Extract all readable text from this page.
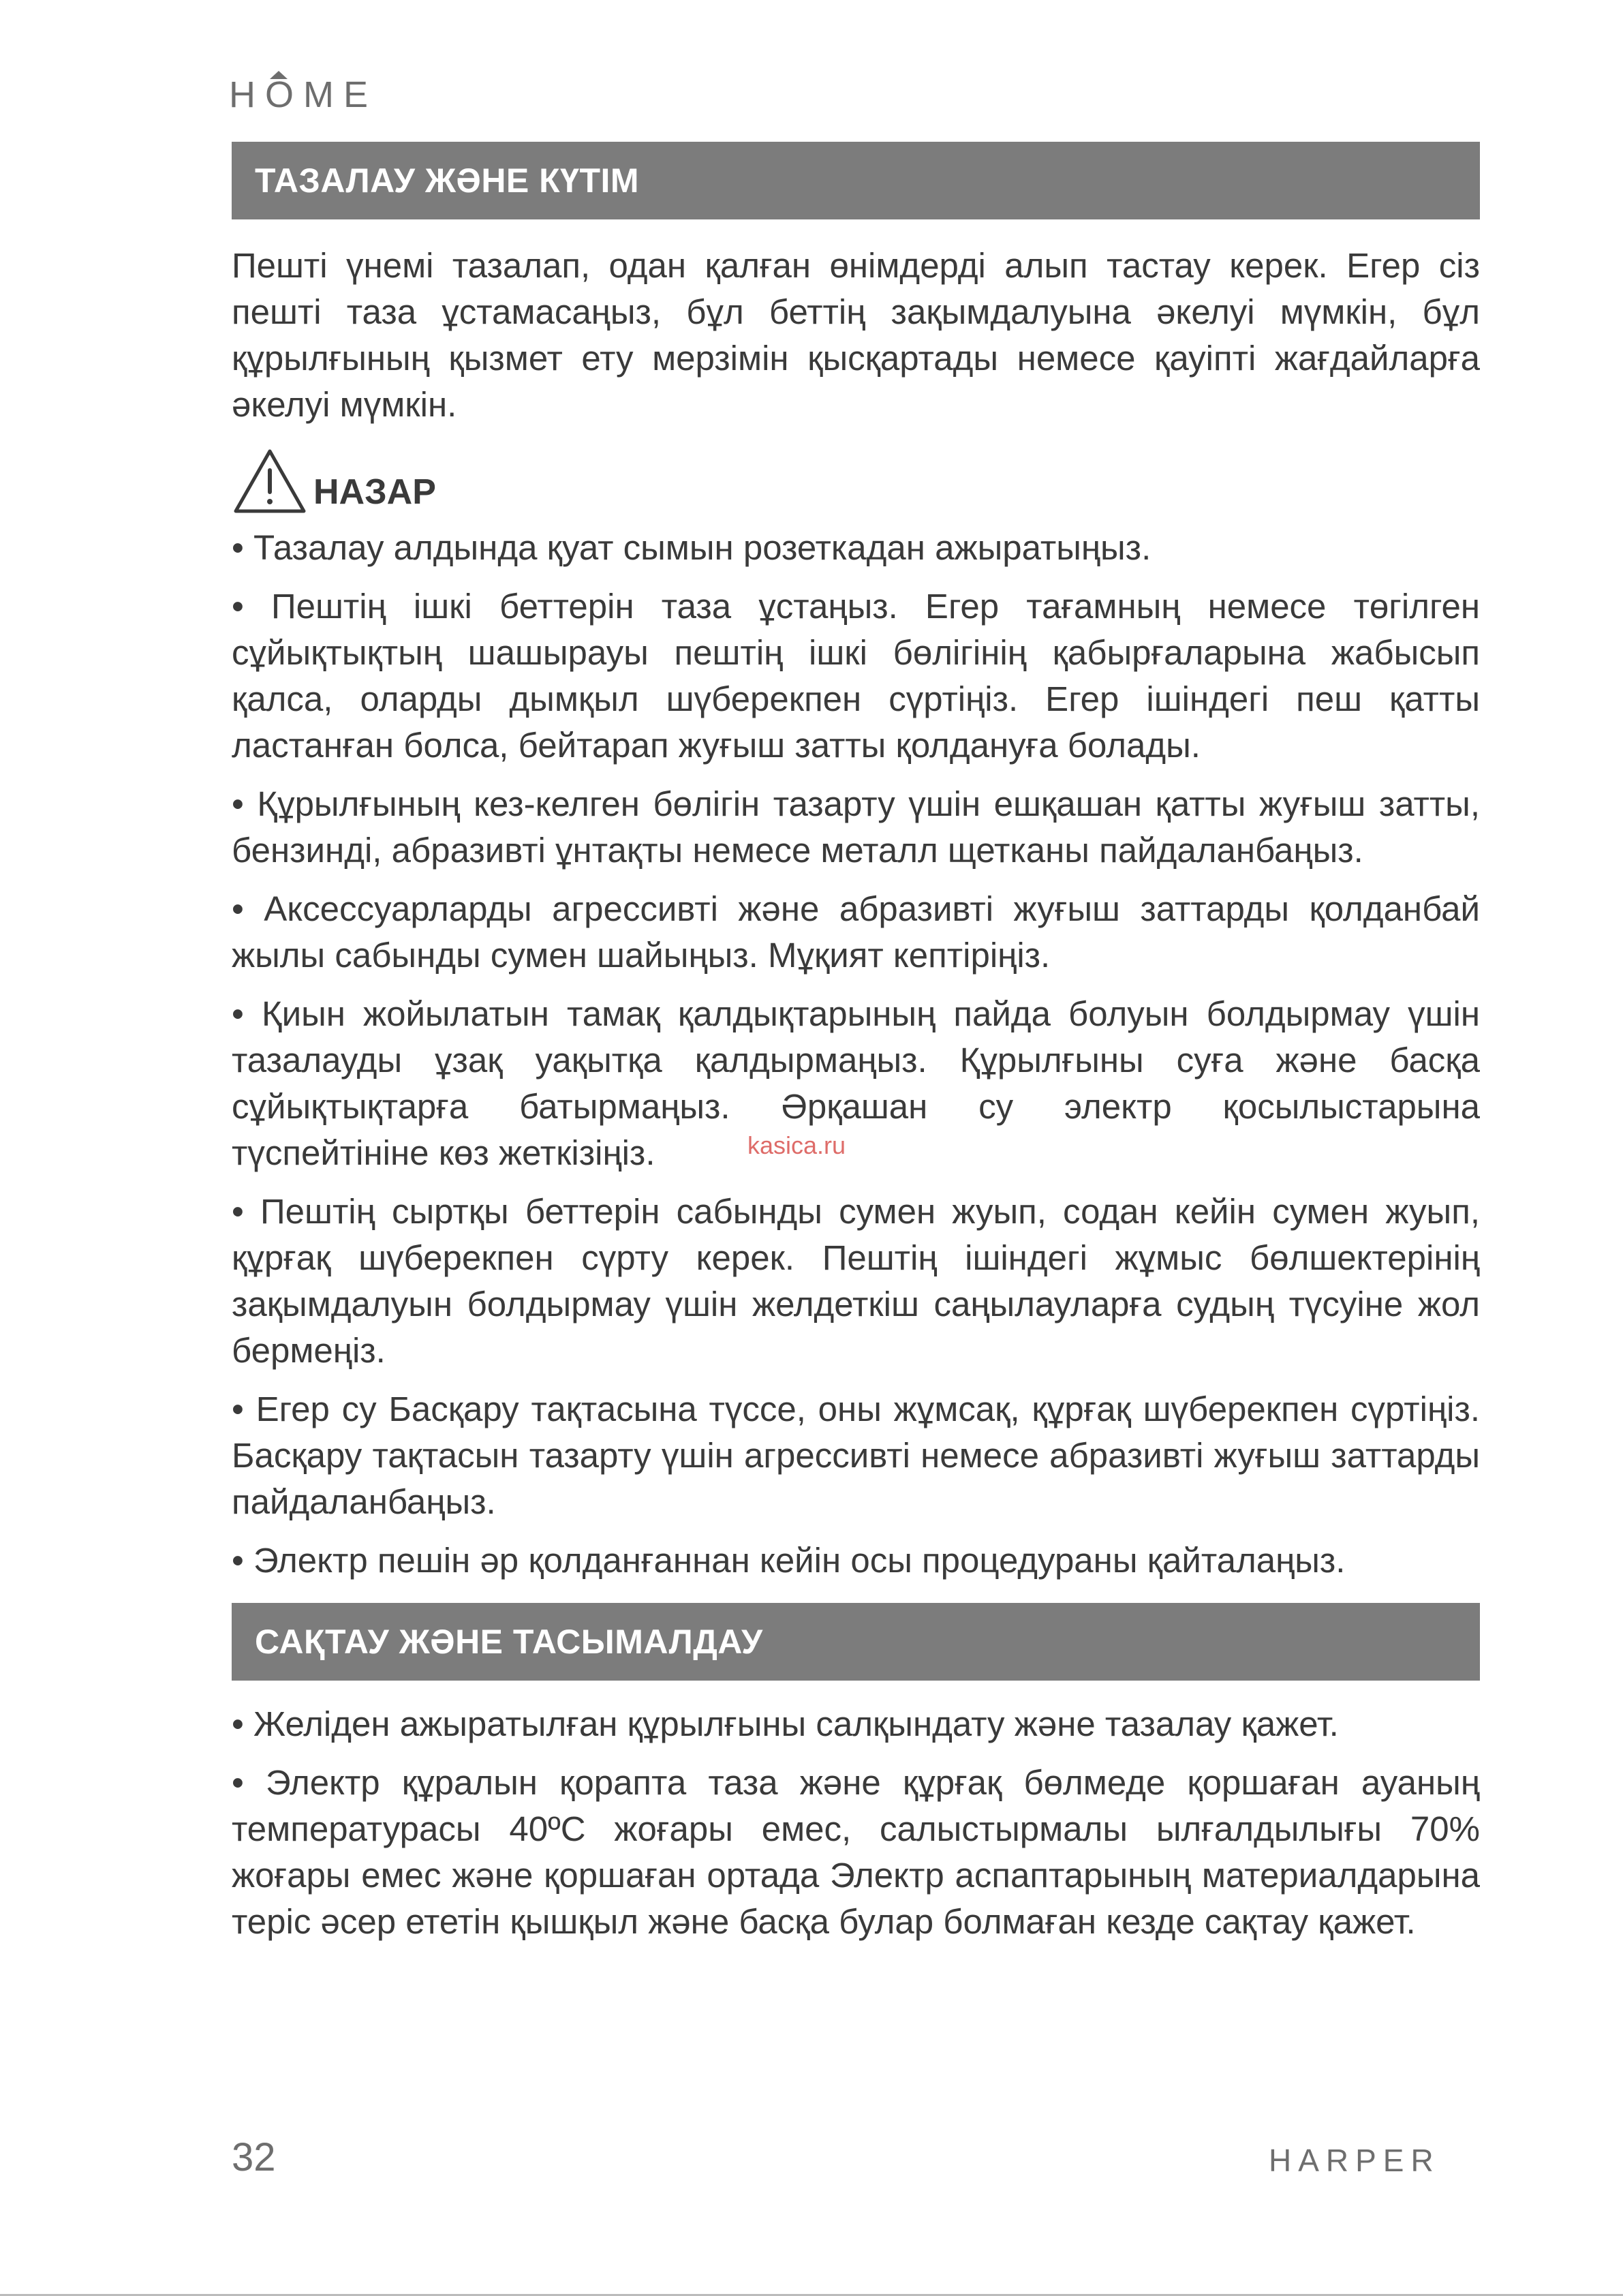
H
OME
ТАЗАЛАУ ЖӘНЕ КҮТІМ

Пешті үнемі тазалап, одан қалған өнімдерді алып тастау керек. Егер сіз пешті таза ұстамасаңыз, бұл беттің зақымдалуына әкелуі мүмкін, бұл құрылғының қызмет ету мерзімін қысқартады немесе қауіпті жағдайларға әкелуі мүмкін.

НАЗАР

• Тазалау алдында қуат сымын розеткадан ажыратыңыз.

• Пештің ішкі беттерін таза ұстаңыз. Егер тағамның немесе төгілген сұйықтықтың шашырауы пештің ішкі бөлігінің қабырғаларына жабысып қалса, оларды дымқыл шүберекпен сүртіңіз. Егер ішіндегі пеш қатты ластанған болса, бейтарап жуғыш затты қолдануға болады.

• Құрылғының кез-келген бөлігін тазарту үшін ешқашан қатты жуғыш затты, бензинді, абразивті ұнтақты немесе металл щетканы пайдаланбаңыз.

• Аксессуарларды агрессивті және абразивті жуғыш заттарды қолданбай жылы сабынды сумен шайыңыз. Мұқият кептіріңіз.

• Қиын жойылатын тамақ қалдықтарының пайда болуын болдырмау үшін тазалауды ұзақ уақытқа қалдырмаңыз. Құрылғыны суға және басқа сұйықтықтарға батырмаңыз. Әрқашан су электр қосылыстарына түспейтініне көз жеткізіңіз.

• Пештің сыртқы беттерін сабынды сумен жуып, содан кейін сумен жуып, құрғақ шүберекпен сүрту керек. Пештің ішіндегі жұмыс бөлшектерінің зақымдалуын болдырмау үшін желдеткіш саңылауларға судың түсуіне жол бермеңіз.

• Егер су Басқару тақтасына түссе, оны жұмсақ, құрғақ шүберекпен сүртіңіз. Басқару тақтасын тазарту үшін агрессивті немесе абразивті жуғыш заттарды пайдаланбаңыз.

• Электр пешін әр қолданғаннан кейін осы процедураны қайталаңыз.

САҚТАУ ЖӘНЕ ТАСЫМАЛДАУ

• Желіден ажыратылған құрылғыны салқындату және тазалау қажет.

• Электр құралын қорапта таза және құрғақ бөлмеде қоршаған ауаның температурасы 40ºС жоғары емес, салыстырмалы ылғалдылығы 70% жоғары емес және қоршаған ортада Электр аспаптарының материалдарына теріс әсер ететін қышқыл және басқа булар болмаған кезде сақтау қажет.

kasica.ru
32	HARPER
